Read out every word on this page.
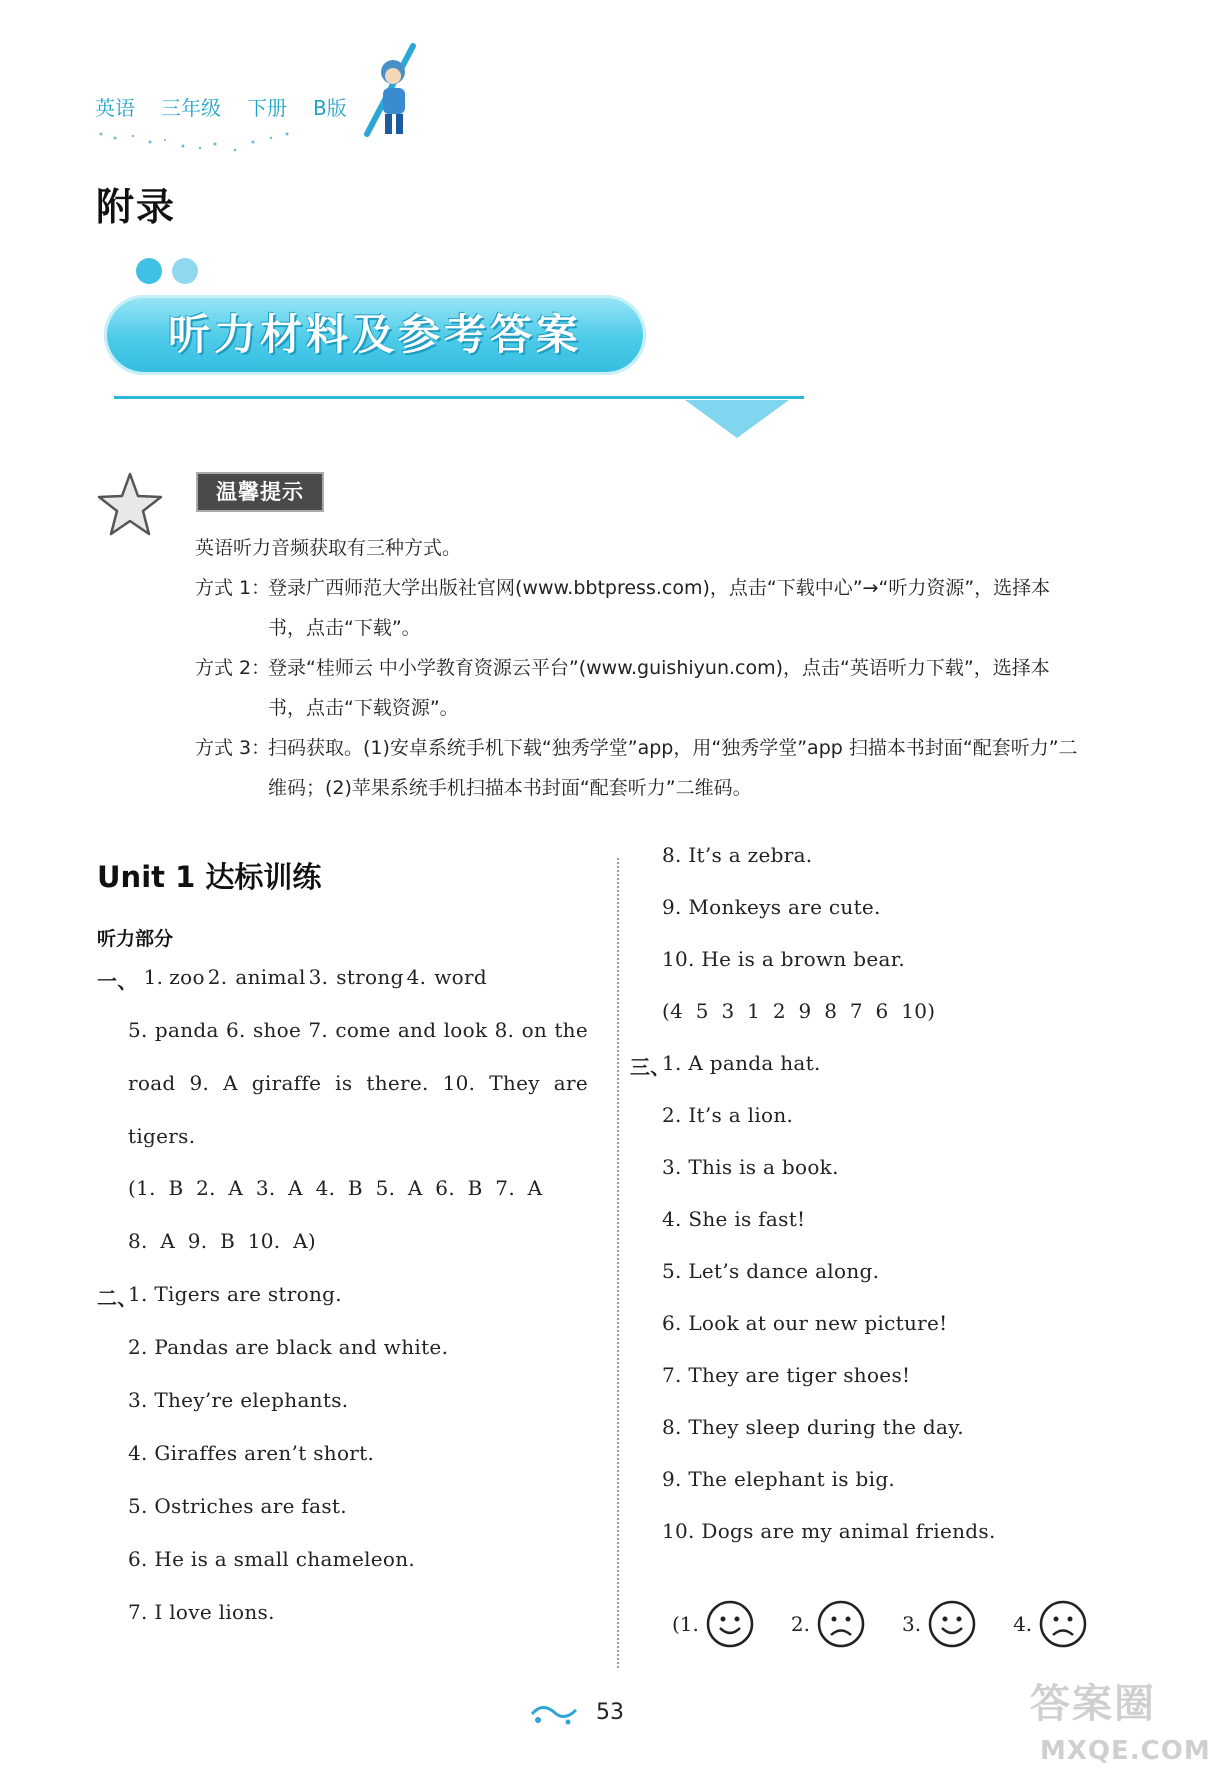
英语 三年级 下册 B版
附录
听力材料及参考答案
温馨提示
英语听力音频获取有三种方式。
方式 1：
登录广西师范大学出版社官网(www.bbtpress.com)，点击“下载中心”→“听力资源”，选择本
书，点击“下载”。
方式 2：
登录“桂师云 中小学教育资源云平台”(www.guishiyun.com)，点击“英语听力下载”，选择本
书，点击“下载资源”。
方式 3：
扫码获取。(1)安卓系统手机下载“独秀学堂”app，用“独秀学堂”app 扫描本书封面“配套听力”二
维码；(2)苹果系统手机扫描本书封面“配套听力”二维码。
Unit 1 达标训练
听力部分
一、 1. zoo 2. animal 3. strong 4. word
5. panda 6. shoe 7. come and look 8. on the
road 9. A giraffe is there. 10. They are
tigers.
(1. B 2. A 3. A 4. B 5. A 6. B 7. A
8. A 9. B 10. A)
二、
1. Tigers are strong.
2. Pandas are black and white.
3. They’re elephants.
4. Giraffes aren’t short.
5. Ostriches are fast.
6. He is a small chameleon.
7. I love lions.
8. It’s a zebra.
9. Monkeys are cute.
10. He is a brown bear.
(4 5 3 1 2 9 8 7 6 10)
三、
1. A panda hat.
2. It’s a lion.
3. This is a book.
4. She is fast!
5. Let’s dance along.
6. Look at our new picture!
7. They are tiger shoes!
8. They sleep during the day.
9. The elephant is big.
10. Dogs are my animal friends.
(1.	2.	3.	4.
53	答案圈
MXQE.COM
